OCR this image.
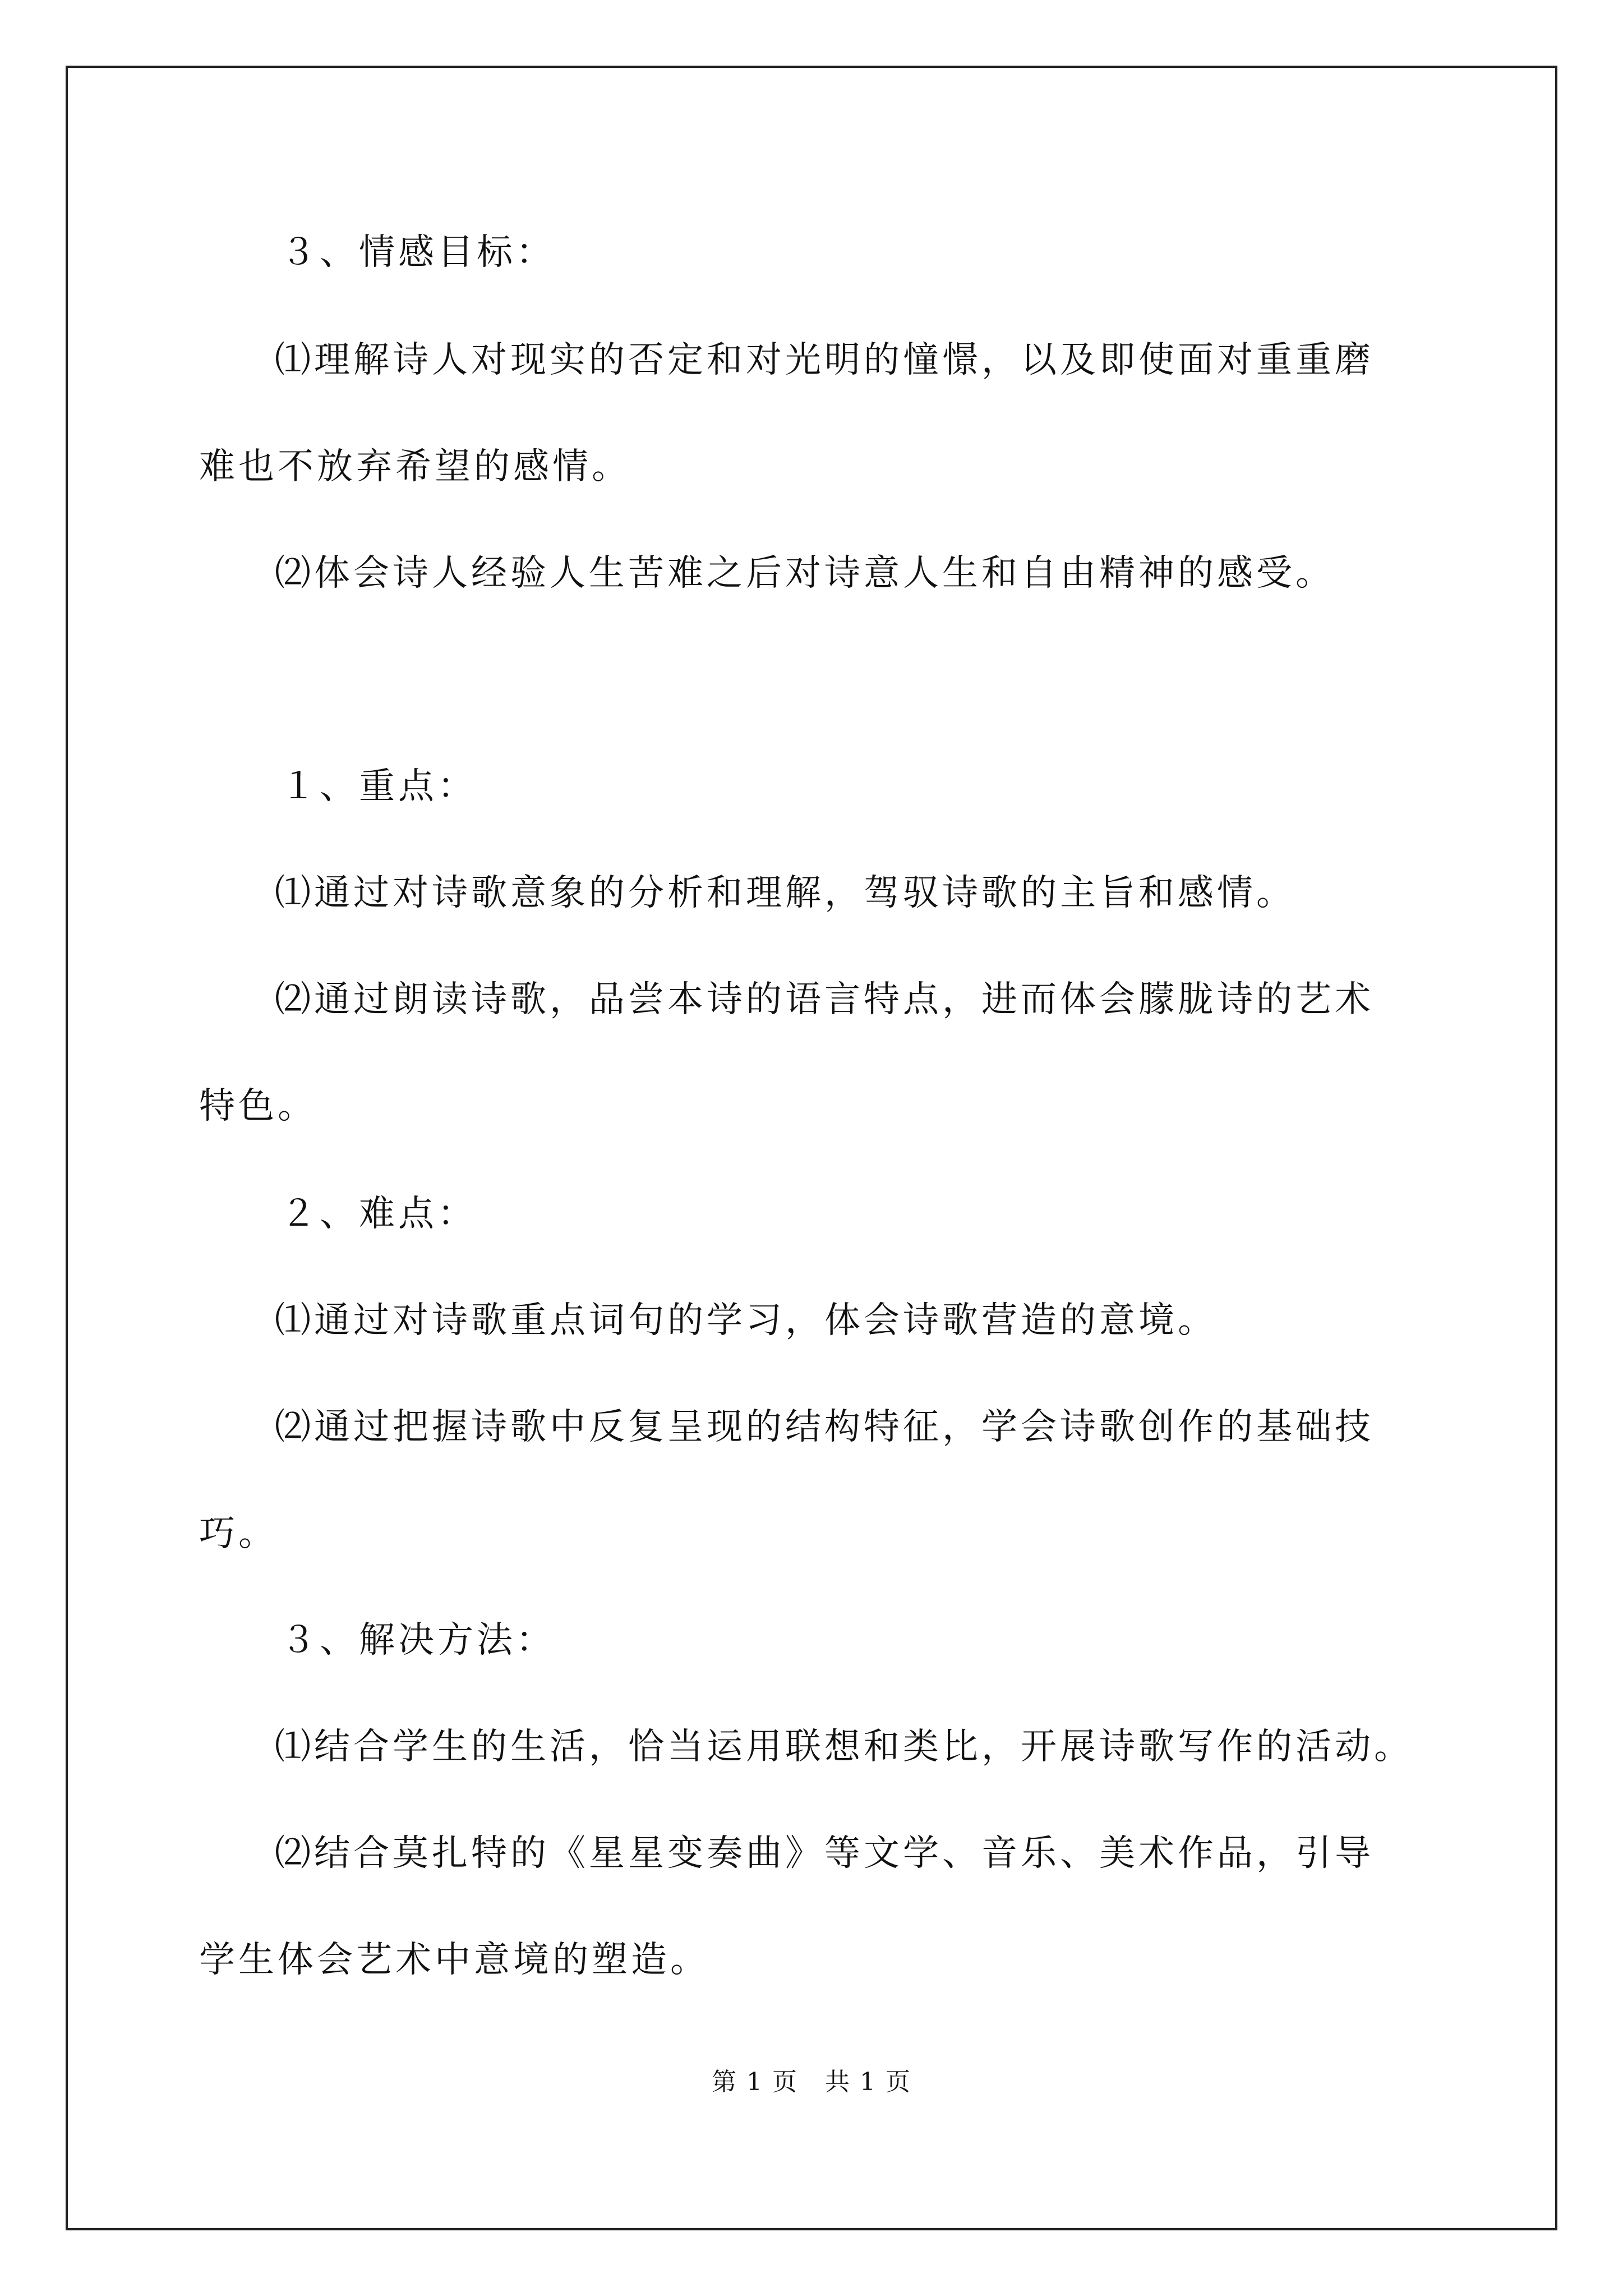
３、情感目标：
⑴理解诗人对现实的否定和对光明的憧憬，以及即使面对重重磨
难也不放弃希望的感情。
⑵体会诗人经验人生苦难之后对诗意人生和自由精神的感受。
１、重点：
⑴通过对诗歌意象的分析和理解，驾驭诗歌的主旨和感情。
⑵通过朗读诗歌，品尝本诗的语言特点，进而体会朦胧诗的艺术
特色。
２、难点：
⑴通过对诗歌重点词句的学习，体会诗歌营造的意境。
⑵通过把握诗歌中反复呈现的结构特征，学会诗歌创作的基础技
巧。
３、解决方法：
⑴结合学生的生活，恰当运用联想和类比，开展诗歌写作的活动。
⑵结合莫扎特的《星星变奏曲》等文学、音乐、美术作品，引导
学生体会艺术中意境的塑造。
第 1 页   共 1 页
